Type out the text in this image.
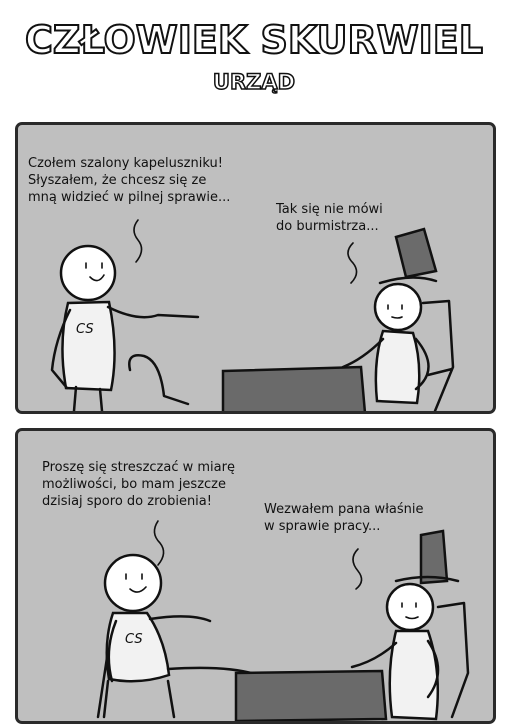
CZŁOWIEK SKURWIEL
URZĄD

Czołem szalony kapeluszniku!
Słyszałem, że chcesz się ze
mną widzieć w pilnej sprawie...

Tak się nie mówi
do burmistrza...

CS

Proszę się streszczać w miarę
możliwości, bo mam jeszcze
dzisiaj sporo do zrobienia!

Wezwałem pana właśnie
w sprawie pracy...

CS
